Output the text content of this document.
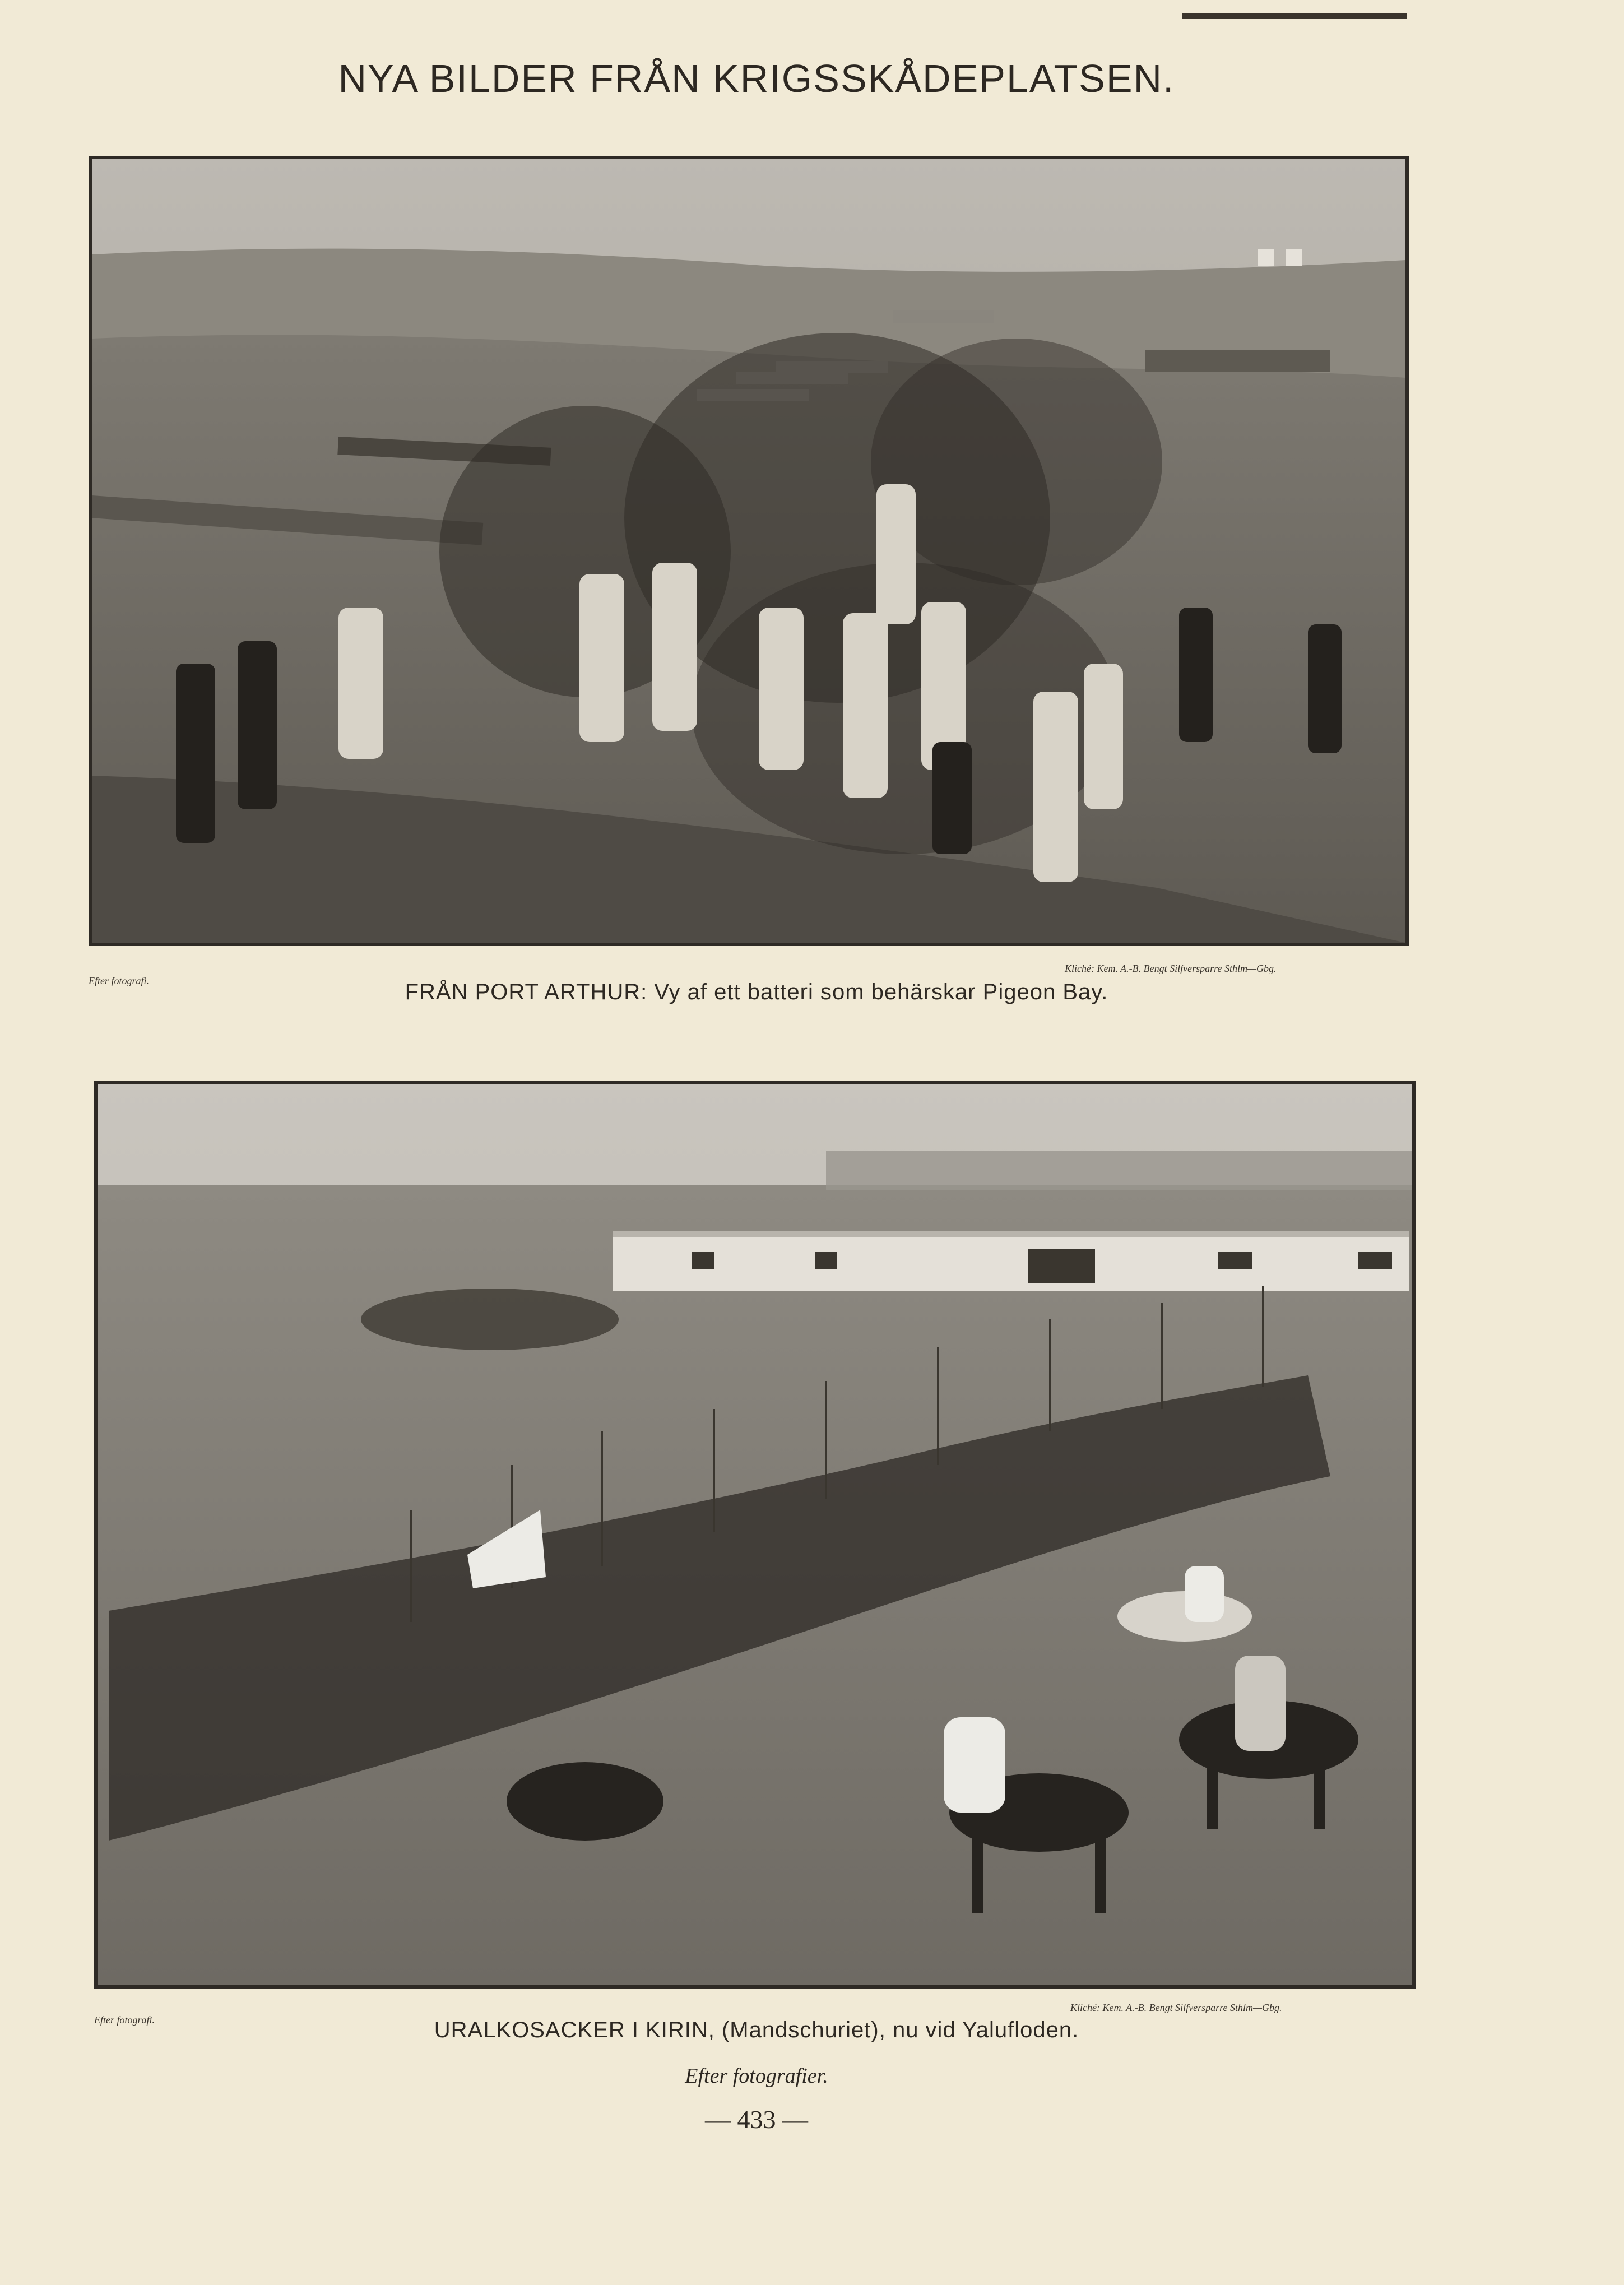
NYA BILDER FRÅN KRIGSSKÅDEPLATSEN.
Efter fotografi.
Kliché: Kem. A.-B. Bengt Silfversparre Sthlm—Gbg.
FRÅN PORT ARTHUR: Vy af ett batteri som behärskar Pigeon Bay.
Efter fotografi.
Kliché: Kem. A.-B. Bengt Silfversparre Sthlm—Gbg.
URALKOSACKER I KIRIN, (Mandschuriet), nu vid Yalufloden.
Efter fotografier.
— 433 —
